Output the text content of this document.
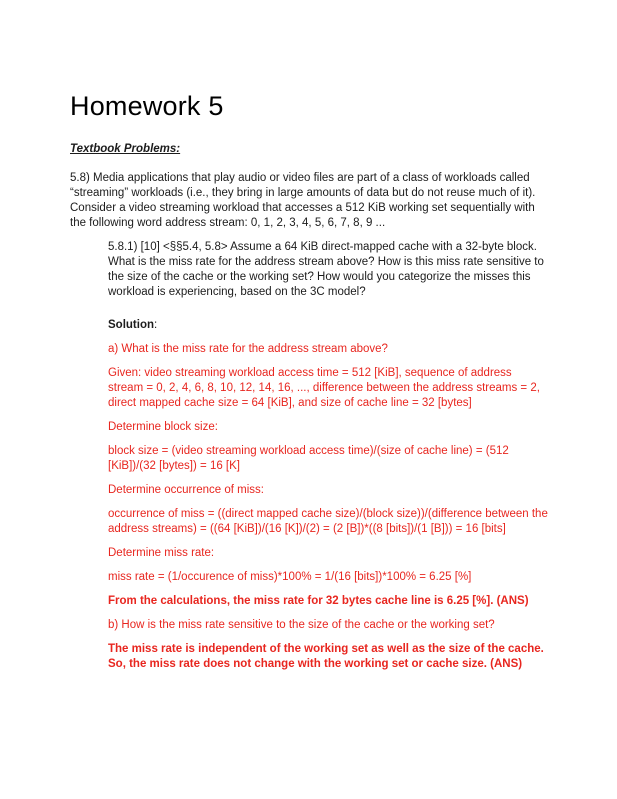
Homework 5
Textbook Problems:

5.8) Media applications that play audio or video files are part of a class of workloads called “streaming” workloads (i.e., they bring in large amounts of data but do not reuse much of it). Consider a video streaming workload that accesses a 512 KiB working set sequentially with the following word address stream: 0, 1, 2, 3, 4, 5, 6, 7, 8, 9 ...

5.8.1) [10] <§§5.4, 5.8> Assume a 64 KiB direct-mapped cache with a 32-byte block. What is the miss rate for the address stream above? How is this miss rate sensitive to the size of the cache or the working set? How would you categorize the misses this workload is experiencing, based on the 3C model?

Solution:

a) What is the miss rate for the address stream above?

Given: video streaming workload access time = 512 [KiB], sequence of address stream = 0, 2, 4, 6, 8, 10, 12, 14, 16, ..., difference between the address streams = 2, direct mapped cache size = 64 [KiB], and size of cache line = 32 [bytes]

Determine block size:

block size = (video streaming workload access time)/(size of cache line) = (512 [KiB])/(32 [bytes]) = 16 [K]

Determine occurrence of miss:

occurrence of miss = ((direct mapped cache size)/(block size))/(difference between the address streams) = ((64 [KiB])/(16 [K])/(2) = (2 [B])*((8 [bits])/(1 [B])) = 16 [bits]

Determine miss rate:

miss rate = (1/occurence of miss)*100% = 1/(16 [bits])*100% = 6.25 [%]

From the calculations, the miss rate for 32 bytes cache line is 6.25 [%]. (ANS)

b) How is the miss rate sensitive to the size of the cache or the working set?

The miss rate is independent of the working set as well as the size of the cache. So, the miss rate does not change with the working set or cache size. (ANS)
